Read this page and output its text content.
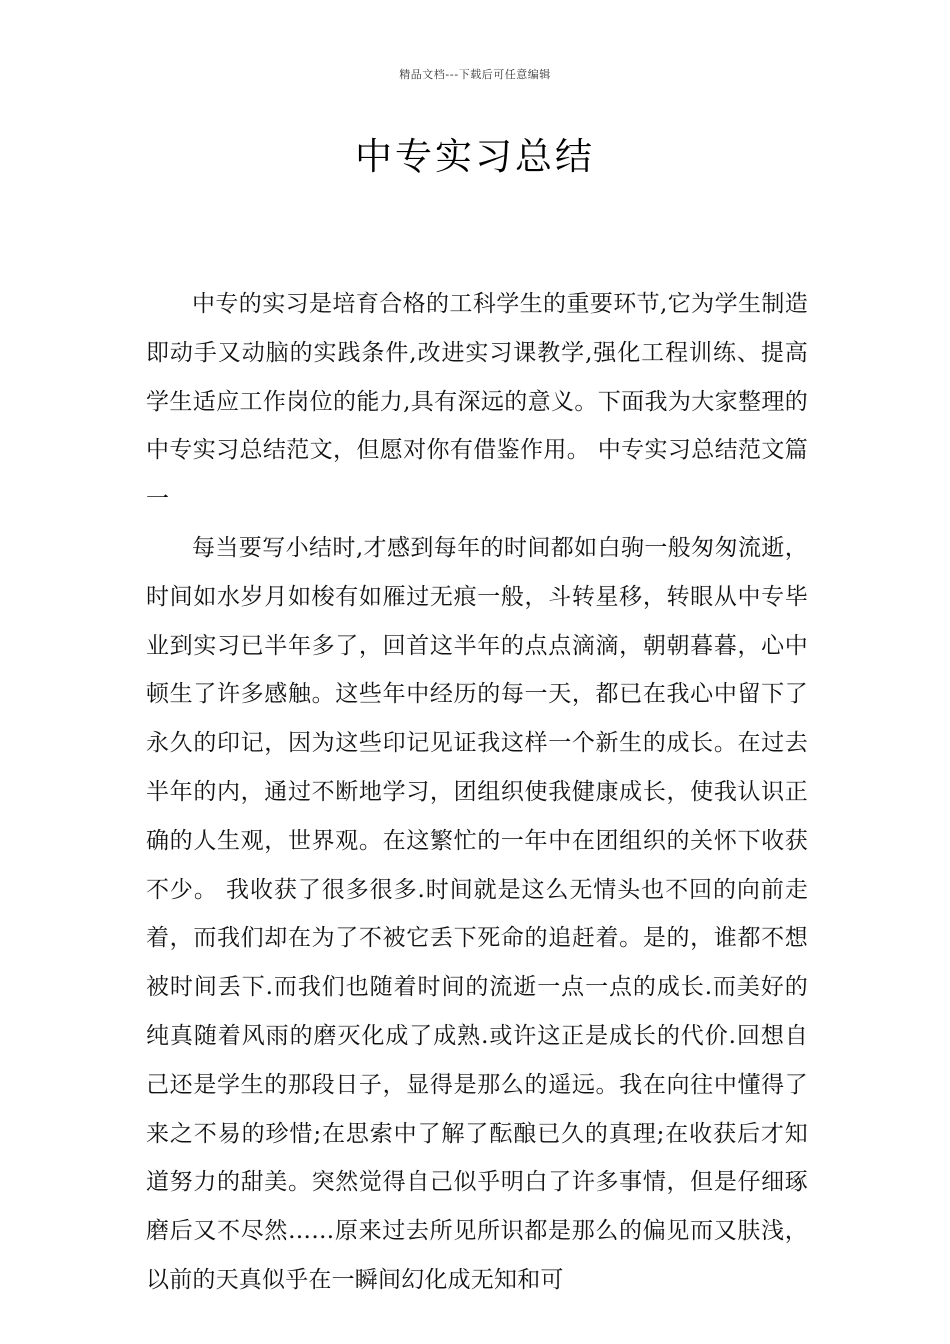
精品文档---下载后可任意编辑
中专实习总结

中专的实习是培育合格的工科学生的重要环节,它为学生制造即动手又动脑的实践条件,改进实习课教学,强化工程训练、提高学生适应工作岗位的能力,具有深远的意义。下面我为大家整理的中专实习总结范文，但愿对你有借鉴作用。 中专实习总结范文篇一

每当要写小结时,才感到每年的时间都如白驹一般匆匆流逝，时间如水岁月如梭有如雁过无痕一般，斗转星移，转眼从中专毕业到实习已半年多了，回首这半年的点点滴滴，朝朝暮暮，心中顿生了许多感触。这些年中经历的每一天，都已在我心中留下了永久的印记，因为这些印记见证我这样一个新生的成长。在过去半年的内，通过不断地学习，团组织使我健康成长，使我认识正确的人生观，世界观。在这繁忙的一年中在团组织的关怀下收获不少。 我收获了很多很多.时间就是这么无情头也不回的向前走着，而我们却在为了不被它丢下死命的追赶着。是的，谁都不想被时间丢下.而我们也随着时间的流逝一点一点的成长.而美好的纯真随着风雨的磨灭化成了成熟.或许这正是成长的代价.回想自己还是学生的那段日子，显得是那么的遥远。我在向往中懂得了来之不易的珍惜;在思索中了解了酝酿已久的真理;在收获后才知道努力的甜美。突然觉得自己似乎明白了许多事情，但是仔细琢磨后又不尽然……原来过去所见所识都是那么的偏见而又肤浅，以前的天真似乎在一瞬间幻化成无知和可
